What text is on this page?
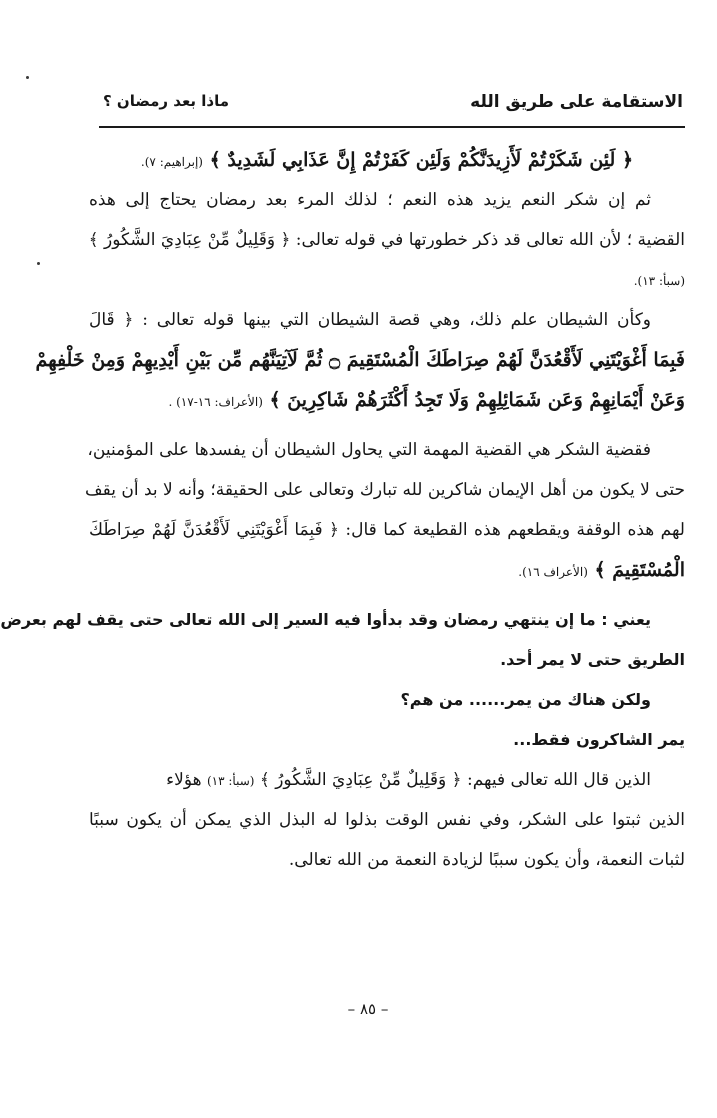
الاستقامة على طريق الله
ماذا بعد رمضان ؟
﴿ لَئِن شَكَرْتُمْ لَأَزِيدَنَّكُمْ وَلَئِن كَفَرْتُمْ إِنَّ عَذَابِي لَشَدِيدٌ ﴾ (إبراهيم: ٧).
ثم إن شكر النعم يزيد هذه النعم ؛ لذلك المرء بعد رمضان يحتاج إلى هذه
القضية ؛ لأن الله تعالى قد ذكر خطورتها في قوله تعالى: ﴿ وَقَلِيلٌ مِّنْ عِبَادِيَ الشَّكُورُ ﴾
(سبأ: ١٣).
وكأن الشيطان علم ذلك، وهي قصة الشيطان التي بينها قوله تعالى : ﴿ قَالَ
فَبِمَا أَغْوَيْتَنِي لَأَقْعُدَنَّ لَهُمْ صِرَاطَكَ الْمُسْتَقِيمَ ۝ ثُمَّ لَآتِيَنَّهُم مِّن بَيْنِ أَيْدِيهِمْ وَمِنْ خَلْفِهِمْ
وَعَنْ أَيْمَانِهِمْ وَعَن شَمَائِلِهِمْ وَلَا تَجِدُ أَكْثَرَهُمْ شَاكِرِينَ ﴾ (الأعراف: ١٦-١٧) .
فقضية الشكر هي القضية المهمة التي يحاول الشيطان أن يفسدها على المؤمنين،
حتى لا يكون من أهل الإيمان شاكرين لله تبارك وتعالى على الحقيقة؛ وأنه لا بد أن يقف
لهم هذه الوقفة ويقطعهم هذه القطيعة كما قال: ﴿ فَبِمَا أَغْوَيْتَنِي لَأَقْعُدَنَّ لَهُمْ صِرَاطَكَ
الْمُسْتَقِيمَ ﴾ (الأعراف ١٦).
يعني : ما إن ينتهي رمضان وقد بدأوا فيه السير إلى الله تعالى حتى يقف لهم بعرض
الطريق حتى لا يمر أحد.
ولكن هناك من يمر...... من هم؟
يمر الشاكرون فقط...
الذين قال الله تعالى فيهم: ﴿ وَقَلِيلٌ مِّنْ عِبَادِيَ الشَّكُورُ ﴾ (سبأ: ١٣) هؤلاء
الذين ثبتوا على الشكر، وفي نفس الوقت بذلوا له البذل الذي يمكن أن يكون سببًا
لثبات النعمة، وأن يكون سببًا لزيادة النعمة من الله تعالى.
– ٨٥ –
